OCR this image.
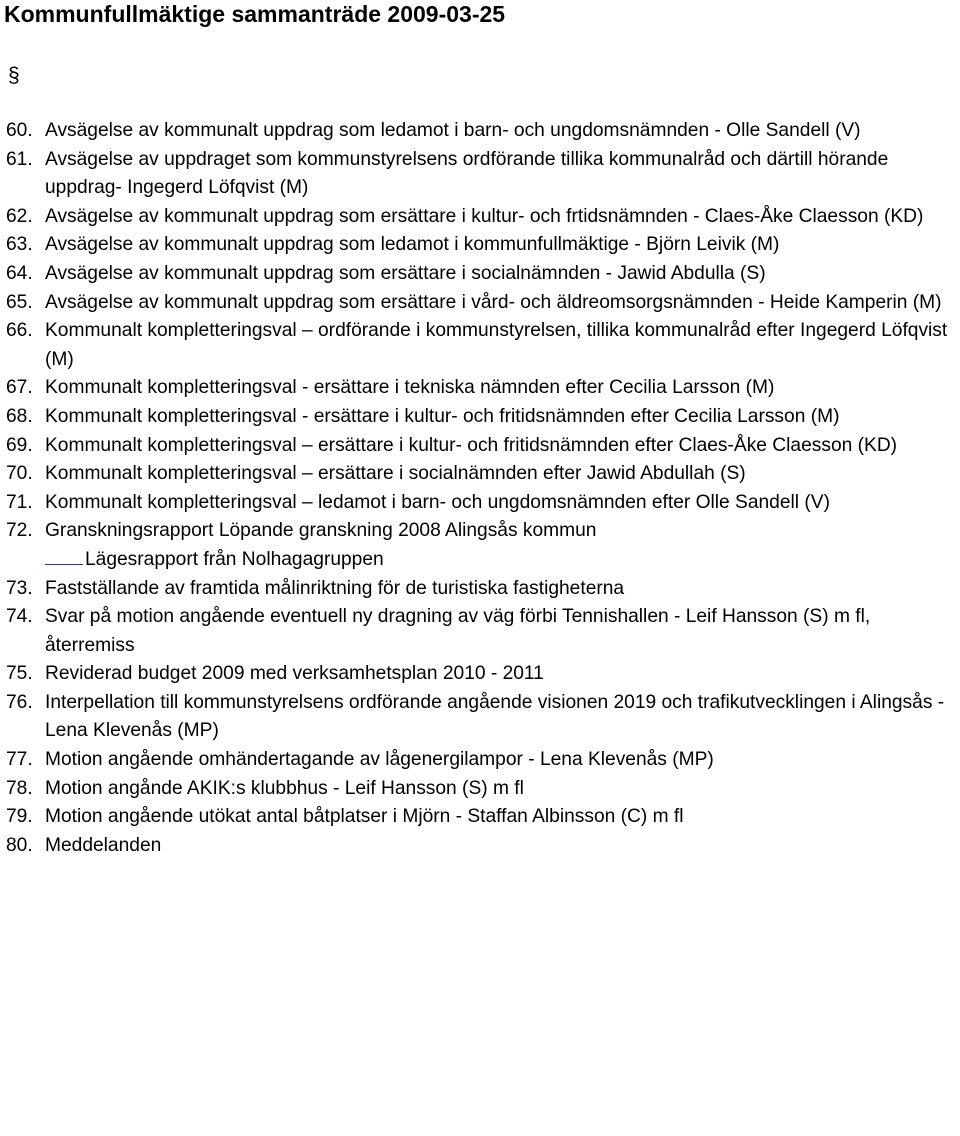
Kommunfullmäktige sammanträde 2009-03-25
§
60. Avsägelse av kommunalt uppdrag som ledamot i barn- och ungdomsnämnden - Olle Sandell (V)
61. Avsägelse av uppdraget som kommunstyrelsens ordförande tillika kommunalråd och därtill hörande uppdrag- Ingegerd Löfqvist (M)
62. Avsägelse av kommunalt uppdrag som ersättare i kultur- och frtidsnämnden - Claes-Åke Claesson (KD)
63. Avsägelse av kommunalt uppdrag som ledamot i kommunfullmäktige - Björn Leivik (M)
64. Avsägelse av kommunalt uppdrag som ersättare i socialnämnden - Jawid Abdulla (S)
65. Avsägelse av kommunalt uppdrag som ersättare i vård- och äldreomsorgsnämnden - Heide Kamperin (M)
66. Kommunalt kompletteringsval – ordförande i kommunstyrelsen, tillika kommunalråd efter Ingegerd Löfqvist (M)
67. Kommunalt kompletteringsval - ersättare i tekniska nämnden efter Cecilia Larsson (M)
68. Kommunalt kompletteringsval - ersättare i kultur- och fritidsnämnden efter Cecilia Larsson (M)
69. Kommunalt kompletteringsval – ersättare i kultur- och fritidsnämnden efter Claes-Åke Claesson (KD)
70. Kommunalt kompletteringsval – ersättare i socialnämnden efter Jawid Abdullah (S)
71. Kommunalt kompletteringsval – ledamot i barn- och ungdomsnämnden efter Olle Sandell (V)
72. Granskningsrapport Löpande granskning 2008 Alingsås kommun
Lägesrapport från Nolhagagruppen
73. Fastställande av framtida målinriktning för de turistiska fastigheterna
74. Svar på motion angående eventuell ny dragning av väg förbi Tennishallen - Leif Hansson (S) m fl, återremiss
75. Reviderad budget 2009 med verksamhetsplan 2010 - 2011
76. Interpellation till kommunstyrelsens ordförande angående visionen 2019 och trafikutvecklingen i Alingsås - Lena Klevenås (MP)
77. Motion angående omhändertagande av lågenergilampor - Lena Klevenås (MP)
78. Motion angånde AKIK:s klubbhus - Leif Hansson (S) m fl
79. Motion angående utökat antal båtplatser i Mjörn - Staffan Albinsson (C) m fl
80. Meddelanden
